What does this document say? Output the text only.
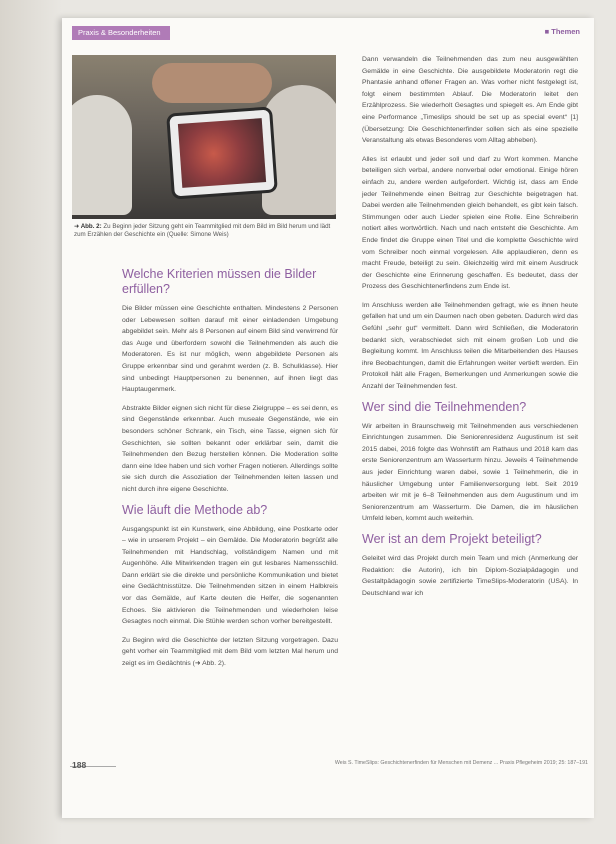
Praxis & Besonderheiten	■ Themen
➜ Abb. 2: Zu Beginn jeder Sitzung geht ein Teammitglied mit dem Bild im Bild herum und lädt zum Erzählen der Geschichte ein (Quelle: Simone Weis)
Welche Kriterien müssen die Bilder erfüllen?

Die Bilder müssen eine Geschichte enthalten. Mindestens 2 Personen oder Lebewesen sollten darauf mit einer einladenden Umgebung abgebildet sein. Mehr als 8 Personen auf einem Bild sind verwirrend für das Auge und überfordern sowohl die Teilnehmenden als auch die Moderatoren. Es ist nur möglich, wenn abgebildete Personen als Gruppe erkennbar sind und gerahmt werden (z. B. Schulklasse). Hier sind unbedingt Hauptpersonen zu benennen, auf ihnen liegt das Hauptaugenmerk.

Abstrakte Bilder eignen sich nicht für diese Zielgruppe – es sei denn, es sind Gegenstände erkennbar. Auch museale Gegenstände, wie ein besonders schöner Schrank, ein Tisch, eine Tasse, eignen sich für Geschichten, sie sollten bekannt oder erklärbar sein, damit die Teilnehmenden den Bezug herstellen können. Die Moderation sollte dann eine Idee haben und sich vorher Fragen notieren. Allerdings sollte sie sich durch die Assoziation der Teilnehmenden leiten lassen und nicht durch ihre eigene Geschichte.

Wie läuft die Methode ab?

Ausgangspunkt ist ein Kunstwerk, eine Abbildung, eine Postkarte oder – wie in unserem Projekt – ein Gemälde. Die Moderatorin begrüßt alle Teilnehmenden mit Handschlag, vollständigem Namen und mit Augenhöhe. Alle Mitwirkenden tragen ein gut lesbares Namensschild. Dann erklärt sie die direkte und persönliche Kommunikation und bietet eine Gedächtnisstütze. Die Teilnehmenden sitzen in einem Halbkreis vor das Gemälde, auf Karte deuten die Helfer, die sogenannten Echoes. Sie aktivieren die Teilnehmenden und wiederholen leise Gesagtes noch einmal. Die Stühle werden schon vorher bereitgestellt.

Zu Beginn wird die Geschichte der letzten Sitzung vorgetragen. Dazu geht vorher ein Teammitglied mit dem Bild vom letzten Mal herum und zeigt es im Gedächtnis (➜ Abb. 2).

Dann verwandeln die Teilnehmenden das zum neu ausgewählten Gemälde in eine Geschichte. Die ausgebildete Moderatorin regt die Phantasie anhand offener Fragen an. Was vorher nicht festgelegt ist, folgt einem bestimmten Ablauf. Die Moderatorin leitet den Erzählprozess. Sie wiederholt Gesagtes und spiegelt es. Am Ende gibt eine Performance „Timeslips should be set up as special event“ [1] (Übersetzung: Die Geschichtenerfinder sollen sich als eine spezielle Veranstaltung als etwas Besonderes vom Alltag abheben).

Alles ist erlaubt und jeder soll und darf zu Wort kommen. Manche beteiligen sich verbal, andere nonverbal oder emotional. Einige hören einfach zu, andere werden aufgefordert. Wichtig ist, dass am Ende jeder Teilnehmende einen Beitrag zur Geschichte beigetragen hat. Dabei werden alle Teilnehmenden gleich behandelt, es gibt kein falsch. Stimmungen oder auch Lieder spielen eine Rolle. Eine Schreiberin notiert alles wortwörtlich. Nach und nach entsteht die Geschichte. Am Ende findet die Gruppe einen Titel und die komplette Geschichte wird vom Schreiber noch einmal vorgelesen. Alle applaudieren, denn es macht Freude, beteiligt zu sein. Gleichzeitig wird mit einem Ausdruck der Geschichte eine Erinnerung geschaffen. Es bedeutet, dass der Prozess des Geschichtenerfindens zum Ende ist.

Im Anschluss werden alle Teilnehmenden gefragt, wie es ihnen heute gefallen hat und um ein Daumen nach oben gebeten. Dadurch wird das Gefühl „sehr gut“ vermittelt. Dann wird Schließen, die Moderatorin bedankt sich, verabschiedet sich mit einem großen Lob und die Begleitung kommt. Im Anschluss teilen die Mitarbeitenden des Hauses ihre Beobachtungen, damit die Erfahrungen weiter vertieft werden. Ein Protokoll hält alle Fragen, Bemerkungen und Anmerkungen sowie die Anzahl der Teilnehmenden fest.

Wer sind die Teilnehmenden?

Wir arbeiten in Braunschweig mit Teilnehmenden aus verschiedenen Einrichtungen zusammen. Die Seniorenresidenz Augustinum ist seit 2015 dabei, 2016 folgte das Wohnstift am Rathaus und 2018 kam das erste Seniorenzentrum am Wasserturm hinzu. Jeweils 4 Teilnehmende aus jeder Einrichtung waren dabei, sowie 1 Teilnehmerin, die in häuslicher Umgebung unter Familienversorgung lebt. Seit 2019 arbeiten wir mit je 6–8 Teilnehmenden aus dem Augustinum und im Seniorenzentrum am Wasserturm. Die Damen, die im häuslichen Umfeld leben, kommt auch weiterhin.

Wer ist an dem Projekt beteiligt?

Geleitet wird das Projekt durch mein Team und mich (Anmerkung der Redaktion: die Autorin), ich bin Diplom-Sozialpädagogin und Gestaltpädagogin sowie zertifizierte TimeSlips-Moderatorin (USA). In Deutschland war ich

188	Weis S. TimeSlips: Geschichtenerfinden für Menschen mit Demenz ... Praxis Pflegeheim 2019; 25: 187–191
